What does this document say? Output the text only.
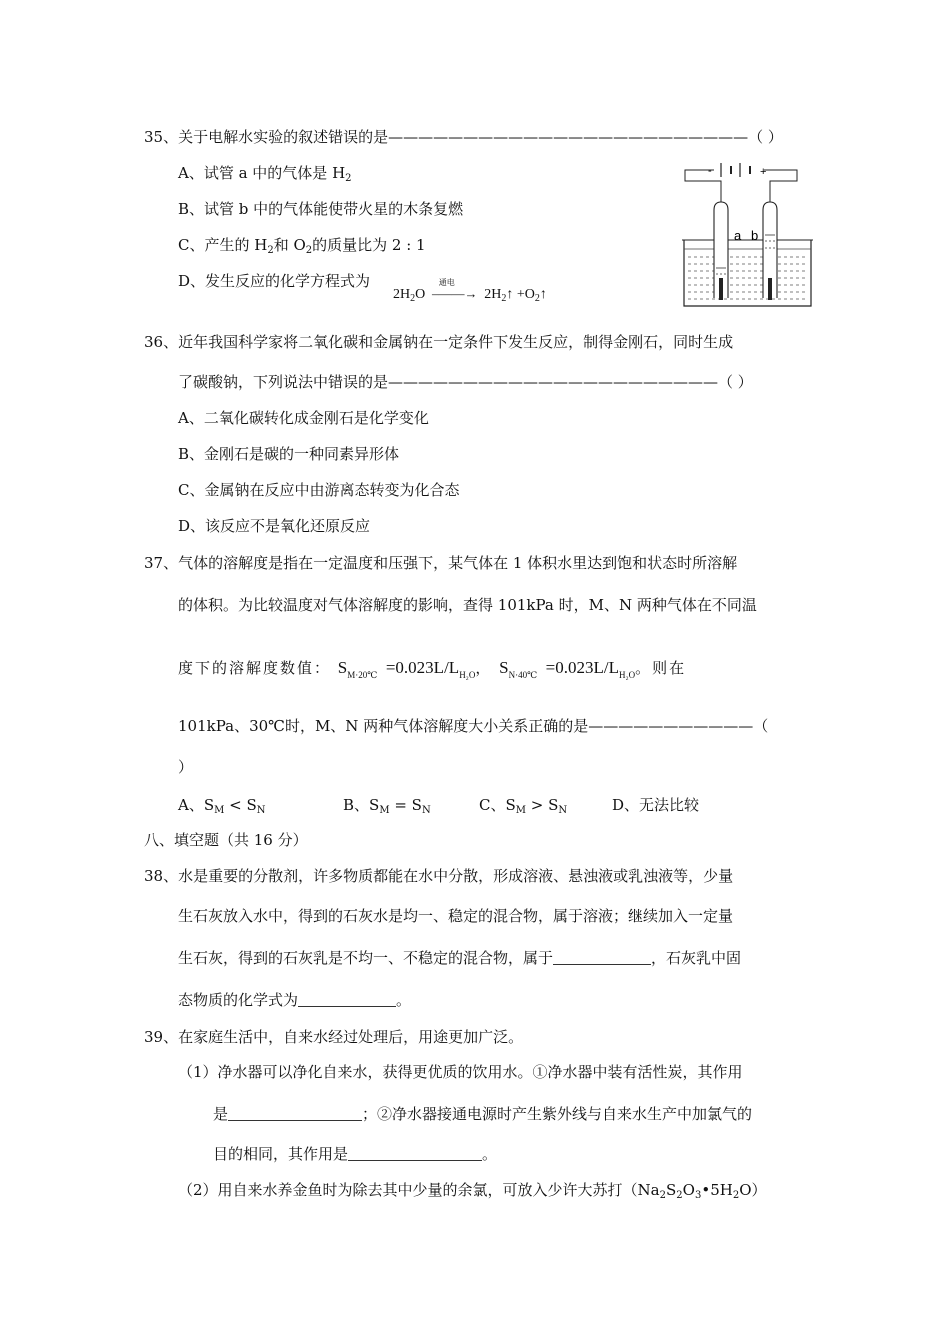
35、关于电解水实验的叙述错误的是————————————————————————（ ）
A、试管 a 中的气体是 $H_2$
B、试管 b 中的气体能使带火星的木条复燃
C、产生的 $H_2$和 $O_2$的质量比为 2 : 1
D、发生反应的化学方程式为
$2H_2O$
通电
–——→ $2H_2↑$ $+O_2↑$
-	+
a b
36、近年我国科学家将二氧化碳和金属钠在一定条件下发生反应，制得金刚石，同时生成
了碳酸钠，下列说法中错误的是——————————————————————（ ）
A、二氧化碳转化成金刚石是化学变化
B、金刚石是碳的一种同素异形体
C、金属钠在反应中由游离态转变为化合态
D、该反应不是氧化还原反应
37、气体的溶解度是指在一定温度和压强下，某气体在 1 体积水里达到饱和状态时所溶解
的体积。为比较温度对气体溶解度的影响，查得 101kPa 时，M、N 两种气体在不同温
度下的溶解度数值： $S_{M\cdot 20℃} =0.023L/L_{H_2O}$， $S_{N\cdot 40℃} =0.023L/L_{H_2O}$。则在
101kPa、30℃时，M、N 两种气体溶解度大小关系正确的是———————————（
）
A、$S_M < S_N$	B、$S_M = S_N$	C、$S_M > S_N$	D、无法比较
八、填空题（共 16 分）
38、水是重要的分散剂，许多物质都能在水中分散，形成溶液、悬浊液或乳浊液等，少量
生石灰放入水中，得到的石灰水是均一、稳定的混合物，属于溶液；继续加入一定量
生石灰，得到的石灰乳是不均一、不稳定的混合物，属于	，石灰乳中固
态物质的化学式为	。
39、在家庭生活中，自来水经过处理后，用途更加广泛。
（1）净水器可以净化自来水，获得更优质的饮用水。①净水器中装有活性炭，其作用
是	；②净水器接通电源时产生紫外线与自来水生产中加氯气的
目的相同，其作用是	。
（2）用自来水养金鱼时为除去其中少量的余氯，可放入少许大苏打$(Na_2S_2O_3•5H_2O)$
